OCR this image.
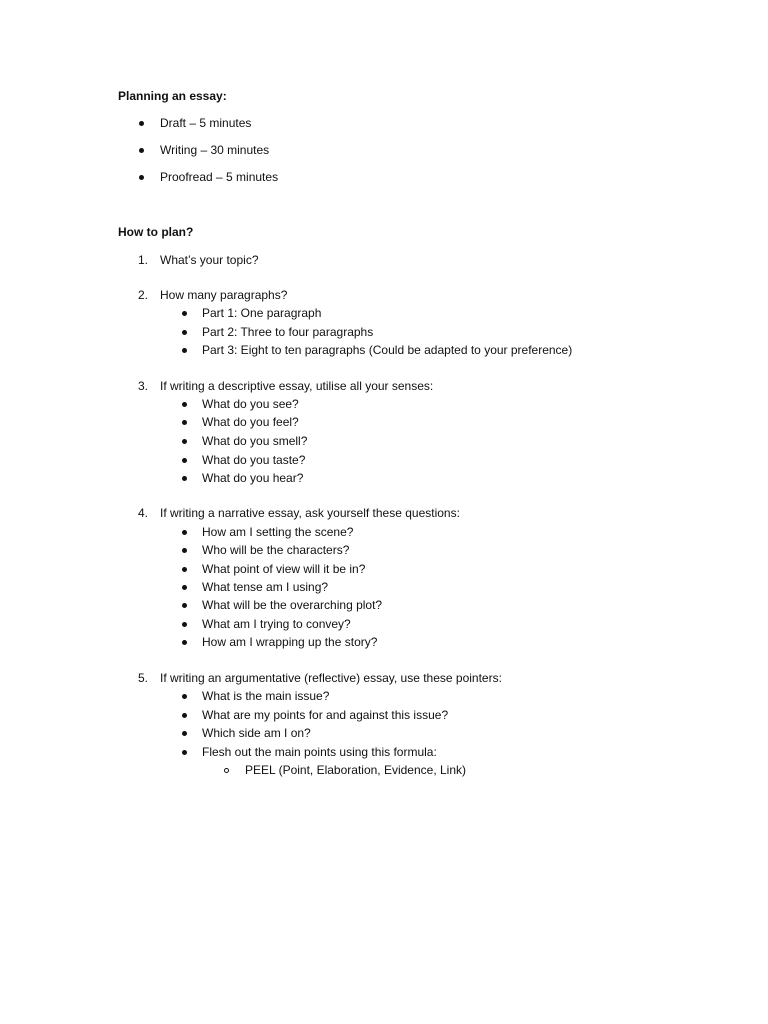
Planning an essay:
Draft – 5 minutes
Writing – 30 minutes
Proofread – 5 minutes
How to plan?
1. What’s your topic?
2. How many paragraphs?
Part 1: One paragraph
Part 2: Three to four paragraphs
Part 3: Eight to ten paragraphs (Could be adapted to your preference)
3. If writing a descriptive essay, utilise all your senses:
What do you see?
What do you feel?
What do you smell?
What do you taste?
What do you hear?
4. If writing a narrative essay, ask yourself these questions:
How am I setting the scene?
Who will be the characters?
What point of view will it be in?
What tense am I using?
What will be the overarching plot?
What am I trying to convey?
How am I wrapping up the story?
5. If writing an argumentative (reflective) essay, use these pointers:
What is the main issue?
What are my points for and against this issue?
Which side am I on?
Flesh out the main points using this formula:
PEEL (Point, Elaboration, Evidence, Link)
